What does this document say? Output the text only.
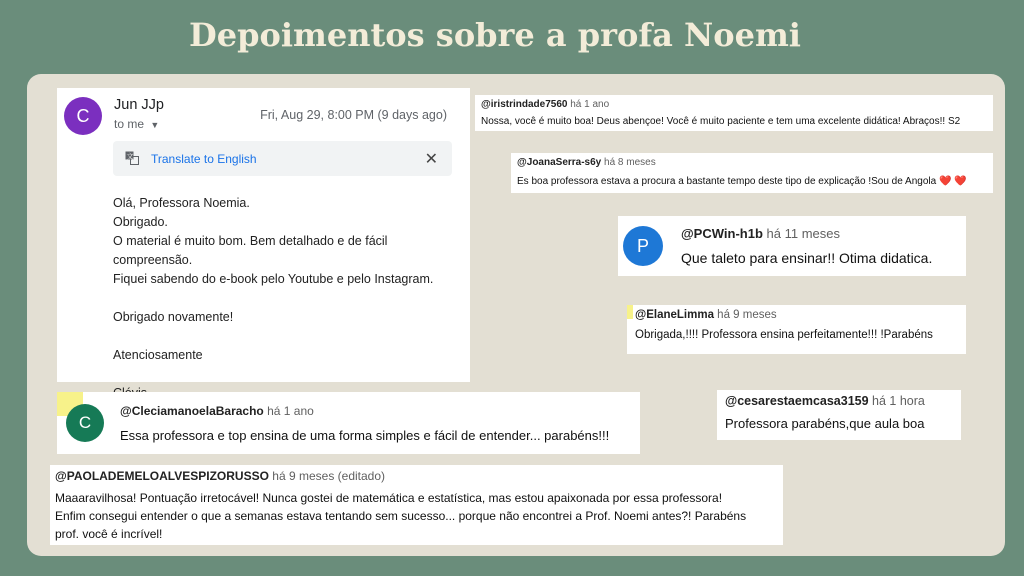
Depoimentos sobre a profa Noemi
C
Jun JJp
to me ▼
Fri, Aug 29, 8:00 PM (9 days ago)
文 Translate to English	✕
Olá, Professora Noemia.
Obrigado.
O material é muito bom. Bem detalhado e de fácil compreensão.
Fiquei sabendo do e-book pelo Youtube e pelo Instagram.
Obrigado novamente!
Atenciosamente
@iristrindade7560 há 1 ano
Nossa, você é muito boa! Deus abençoe! Você é muito paciente e tem uma excelente didática! Abraços!! S2
@JoanaSerra-s6y há 8 meses
Es boa professora estava a procura a bastante tempo deste tipo de explicação !Sou de Angola ❤️ ❤️
P
@PCWin-h1b há 11 meses
Que taleto para ensinar!! Otima didatica.
@ElaneLimma há 9 meses
Obrigada,!!!! Professora ensina perfeitamente!!! !Parabéns
C
@CleciamanoelaBaracho há 1 ano
Essa professora e top ensina de uma forma simples e fácil de entender... parabéns!!!
@cesarestaemcasa3159 há 1 hora
Professora parabéns,que aula boa
@PAOLADEMELOALVESPIZORUSSO há 9 meses (editado)
Maaaravilhosa! Pontuação irretocável! Nunca gostei de matemática e estatística, mas estou apaixonada por essa professora!
Enfim consegui entender o que a semanas estava tentando sem sucesso... porque não encontrei a Prof. Noemi antes?! Parabéns
prof. você é incrível!
